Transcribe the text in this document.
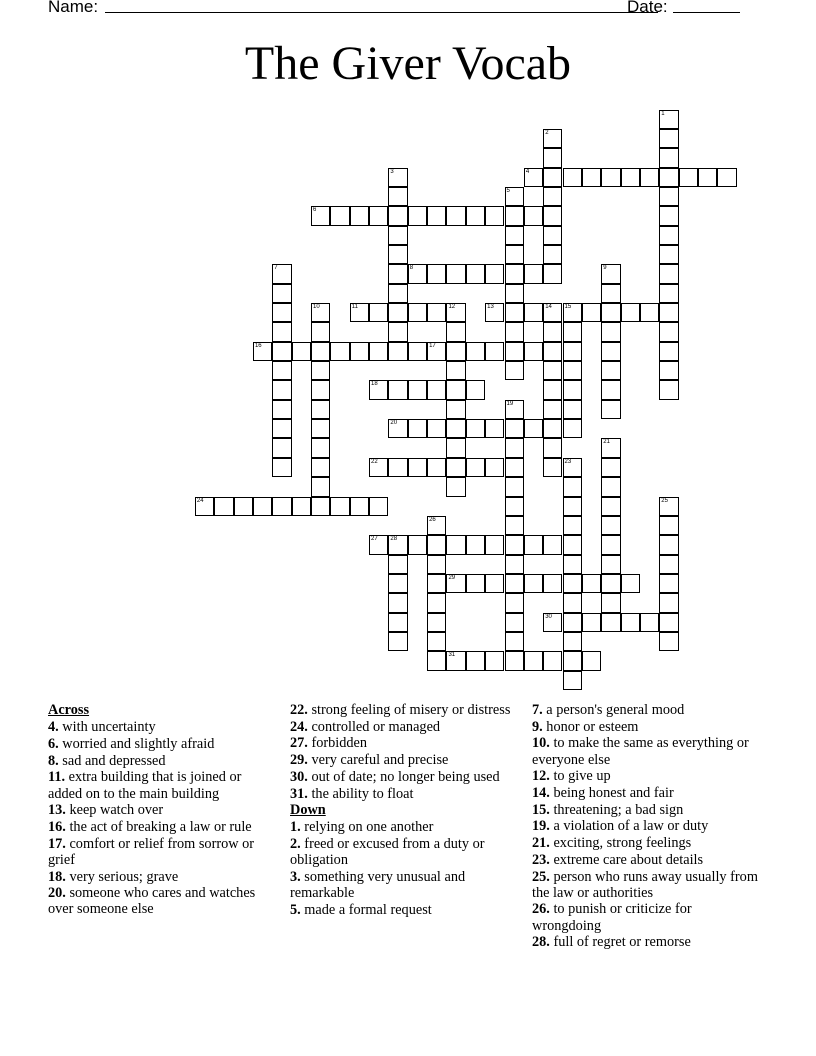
Name:	Date:
The Giver Vocab
1
2
3	4
5
6
7	8	9
10	11	12	13	14 15
16	17
18
19
20
21
22	23
24	25
26
27 28
29
30
31
Across
4. with uncertainty
6. worried and slightly afraid
8. sad and depressed
11. extra building that is joined or added on to the main building
13. keep watch over
16. the act of breaking a law or rule
17. comfort or relief from sorrow or grief
18. very serious; grave
20. someone who cares and watches over someone else
22. strong feeling of misery or distress
24. controlled or managed
27. forbidden
29. very careful and precise
30. out of date; no longer being used
31. the ability to float
Down
1. relying on one another
2. freed or excused from a duty or obligation
3. something very unusual and remarkable
5. made a formal request
7. a person's general mood
9. honor or esteem
10. to make the same as everything or everyone else
12. to give up
14. being honest and fair
15. threatening; a bad sign
19. a violation of a law or duty
21. exciting, strong feelings
23. extreme care about details
25. person who runs away usually from the law or authorities
26. to punish or criticize for wrongdoing
28. full of regret or remorse
